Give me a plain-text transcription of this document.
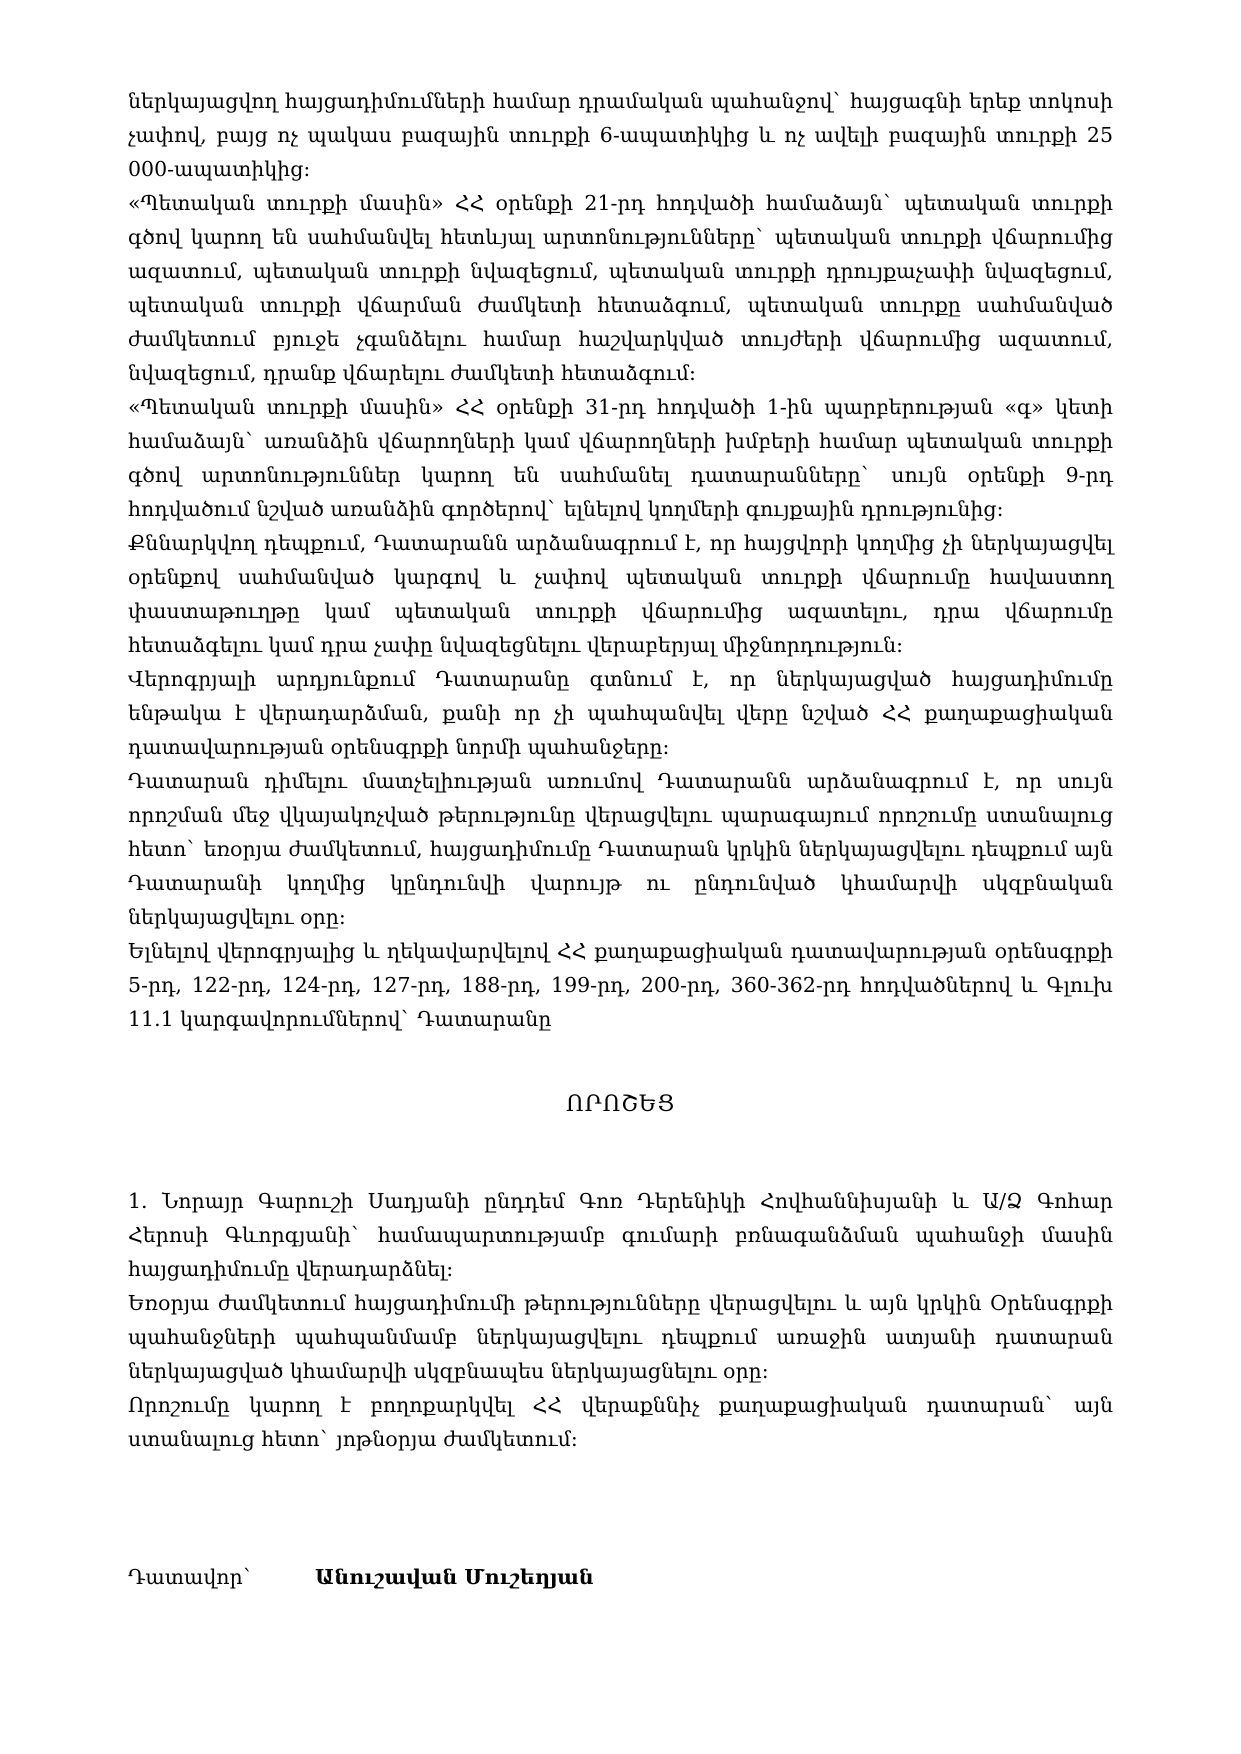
ներկայացվող հայցադիմումների համար դրամական պահանջով` հայցագնի երեք տոկոսի չափով, բայց ոչ պակաս բազային տուրքի 6-ապատիկից և ոչ ավելի բազային տուրքի 25 000-ապատիկից:

«Պետական տուրքի մասին» ՀՀ օրենքի 21-րդ հոդվածի համաձայն` պետական տուրքի գծով կարող են սահմանվել հետևյալ արտոնությունները` պետական տուրքի վճարումից ազատում, պետական տուրքի նվազեցում, պետական տուրքի դրույքաչափի նվազեցում, պետական տուրքի վճարման ժամկետի հետաձգում, պետական տուրքը սահմանված ժամկետում բյուջե չգանձելու համար հաշվարկված տույժերի վճարումից ազատում, նվազեցում, դրանք վճարելու ժամկետի հետաձգում:

«Պետական տուրքի մասին» ՀՀ օրենքի 31-րդ հոդվածի 1-ին պարբերության «գ» կետի համաձայն` առանձին վճարողների կամ վճարողների խմբերի համար պետական տուրքի գծով արտոնություններ կարող են սահմանել դատարանները` սույն օրենքի 9-րդ հոդվածում նշված առանձին գործերով` ելնելով կողմերի գույքային դրությունից:

Քննարկվող դեպքում, Դատարանն արձանագրում է, որ հայցվորի կողմից չի ներկայացվել օրենքով սահմանված կարգով և չափով պետական տուրքի վճարումը հավաստող փաստաթուղթը կամ պետական տուրքի վճարումից ազատելու, դրա վճարումը հետաձգելու կամ դրա չափը նվազեցնելու վերաբերյալ միջնորդություն:

Վերոգրյալի արդյունքում Դատարանը գտնում է, որ ներկայացված հայցադիմումը ենթակա է վերադարձման, քանի որ չի պահպանվել վերը նշված ՀՀ քաղաքացիական դատավարության օրենսգրքի նորմի պահանջերը:

Դատարան դիմելու մատչելիության առումով Դատարանն արձանագրում է, որ սույն որոշման մեջ վկայակոչված թերությունը վերացվելու պարագայում որոշումը ստանալուց հետո` եռօրյա ժամկետում, հայցադիմումը Դատարան կրկին ներկայացվելու դեպքում այն Դատարանի կողմից կընդունվի վարույթ ու ընդունված կհամարվի սկզբնական ներկայացվելու օրը:

Ելնելով վերոգրյալից և ղեկավարվելով ՀՀ քաղաքացիական դատավարության օրենսգրքի 5-րդ, 122-րդ, 124-րդ, 127-րդ, 188-րդ, 199-րդ, 200-րդ, 360-362-րդ հոդվածներով և Գլուխ 11.1 կարգավորումներով` Դատարանը

ՈՐՈՇԵՑ

1. Նորայր Գարուշի Սադյանի ընդդեմ Գոռ Դերենիկի Հովհաննիսյանի և Ա/Ձ Գոհար Հերոսի Գևորգյանի` համապարտությամբ գումարի բռնագանձման պահանջի մասին հայցադիմումը վերադարձնել:

Եռօրյա ժամկետում հայցադիմումի թերությունները վերացվելու և այն կրկին Օրենսգրքի պահանջների պահպանմամբ ներկայացվելու դեպքում առաջին ատյանի դատարան ներկայացված կհամարվի սկզբնապես ներկայացնելու օրը:

Որոշումը կարող է բողոքարկվել ՀՀ վերաքննիչ քաղաքացիական դատարան` այն ստանալուց հետո` յոթնօրյա ժամկետում:

Դատավոր`	Անուշավան Մուշեղյան
